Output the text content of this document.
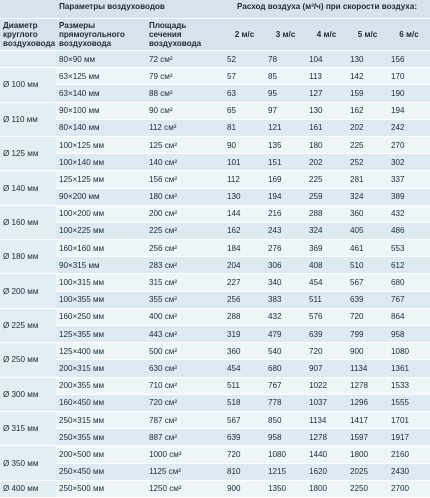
Параметры воздуховодов			Расход воздуха (м³/ч) при скорости воздуха:				
Диаметр круглого воздуховода	Размеры прямоугольного воздуховода	Площадь сечения воздуховода	2 м/с	3 м/с	4 м/с	5 м/с	6 м/с
	80×90 мм	72 см²	52	78	104	130	156
Ø 100 мм	63×125 мм	79 см²	57	85	113	142	170
	63×140 мм	88 см²	63	95	127	159	190
Ø 110 мм	90×100 мм	90 см²	65	97	130	162	194
	80×140 мм	112 см²	81	121	161	202	242
Ø 125 мм	100×125 мм	125 см²	90	135	180	225	270
	100×140 мм	140 см²	101	151	202	252	302
Ø 140 мм	125×125 мм	156 см²	112	169	225	281	337
	90×200 мм	180 см²	130	194	259	324	389
Ø 160 мм	100×200 мм	200 см²	144	216	288	360	432
	100×225 мм	225 см²	162	243	324	405	486
Ø 180 мм	160×160 мм	256 см²	184	276	369	461	553
	90×315 мм	283 см²	204	306	408	510	612
Ø 200 мм	100×315 мм	315 см²	227	340	454	567	680
	100×355 мм	355 см²	256	383	511	639	767
Ø 225 мм	160×250 мм	400 см²	288	432	576	720	864
	125×355 мм	443 см²	319	479	639	799	958
Ø 250 мм	125×400 мм	500 см²	360	540	720	900	1080
	200×315 мм	630 см²	454	680	907	1134	1361
Ø 300 мм	200×355 мм	710 см²	511	767	1022	1278	1533
	160×450 мм	720 см²	518	778	1037	1296	1555
Ø 315 мм	250×315 мм	787 см²	567	850	1134	1417	1701
	250×355 мм	887 см²	639	958	1278	1597	1917
Ø 350 мм	200×500 мм	1000 см²	720	1080	1440	1800	2160
	250×450 мм	1125 см²	810	1215	1620	2025	2430
Ø 400 мм	250×500 мм	1250 см²	900	1350	1800	2250	2700
